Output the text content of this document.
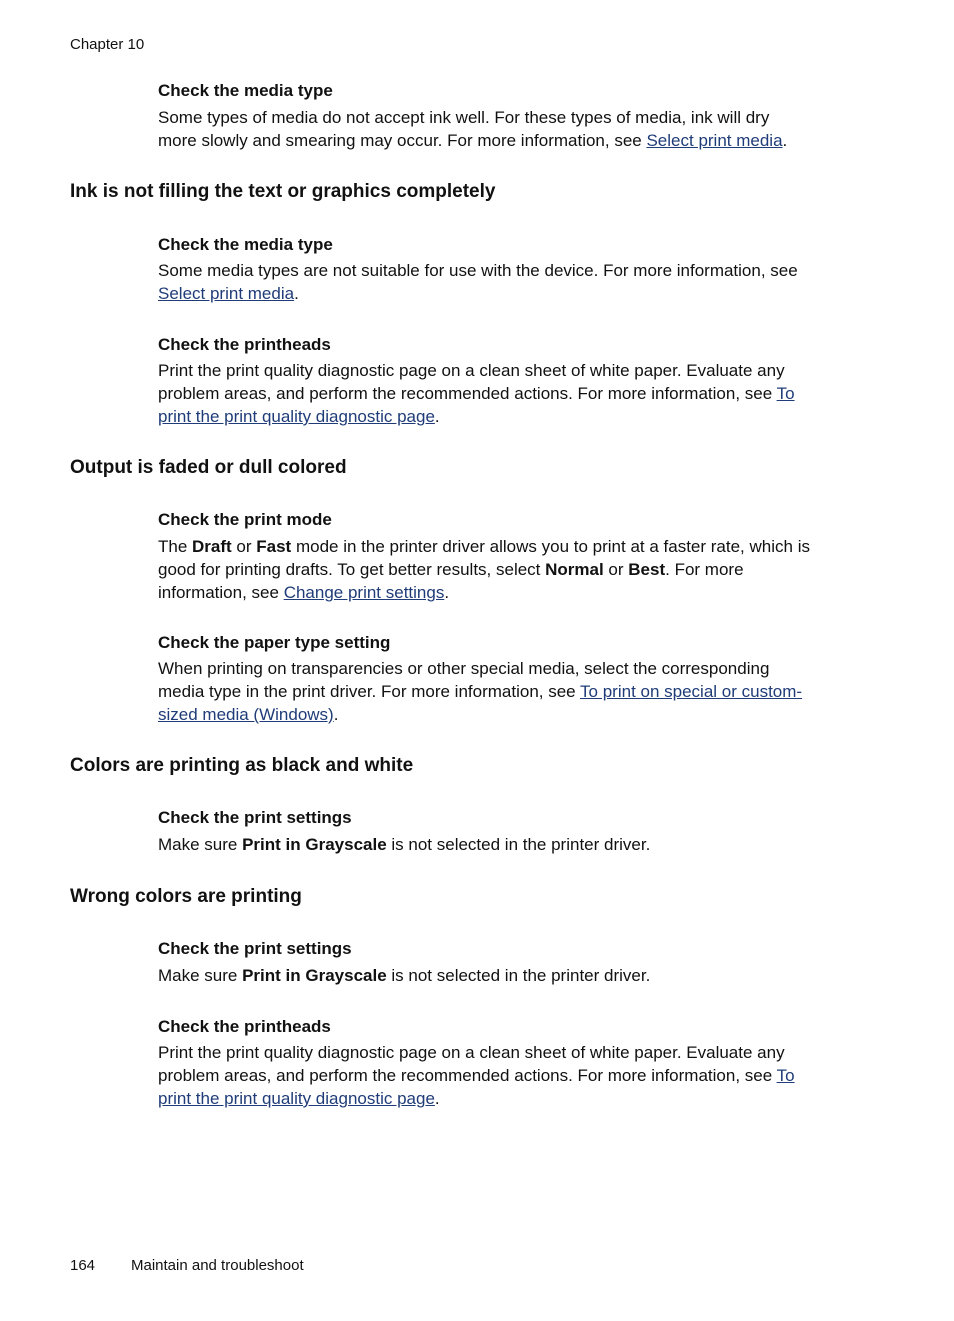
Chapter 10
Check the media type
Some types of media do not accept ink well. For these types of media, ink will dry
more slowly and smearing may occur. For more information, see Select print media.
Ink is not filling the text or graphics completely
Check the media type
Some media types are not suitable for use with the device. For more information, see
Select print media.
Check the printheads
Print the print quality diagnostic page on a clean sheet of white paper. Evaluate any
problem areas, and perform the recommended actions. For more information, see To
print the print quality diagnostic page.
Output is faded or dull colored
Check the print mode
The Draft or Fast mode in the printer driver allows you to print at a faster rate, which is
good for printing drafts. To get better results, select Normal or Best. For more
information, see Change print settings.
Check the paper type setting
When printing on transparencies or other special media, select the corresponding
media type in the print driver. For more information, see To print on special or custom-
sized media (Windows).
Colors are printing as black and white
Check the print settings
Make sure Print in Grayscale is not selected in the printer driver.
Wrong colors are printing
Check the print settings
Make sure Print in Grayscale is not selected in the printer driver.
Check the printheads
Print the print quality diagnostic page on a clean sheet of white paper. Evaluate any
problem areas, and perform the recommended actions. For more information, see To
print the print quality diagnostic page.
164 Maintain and troubleshoot
